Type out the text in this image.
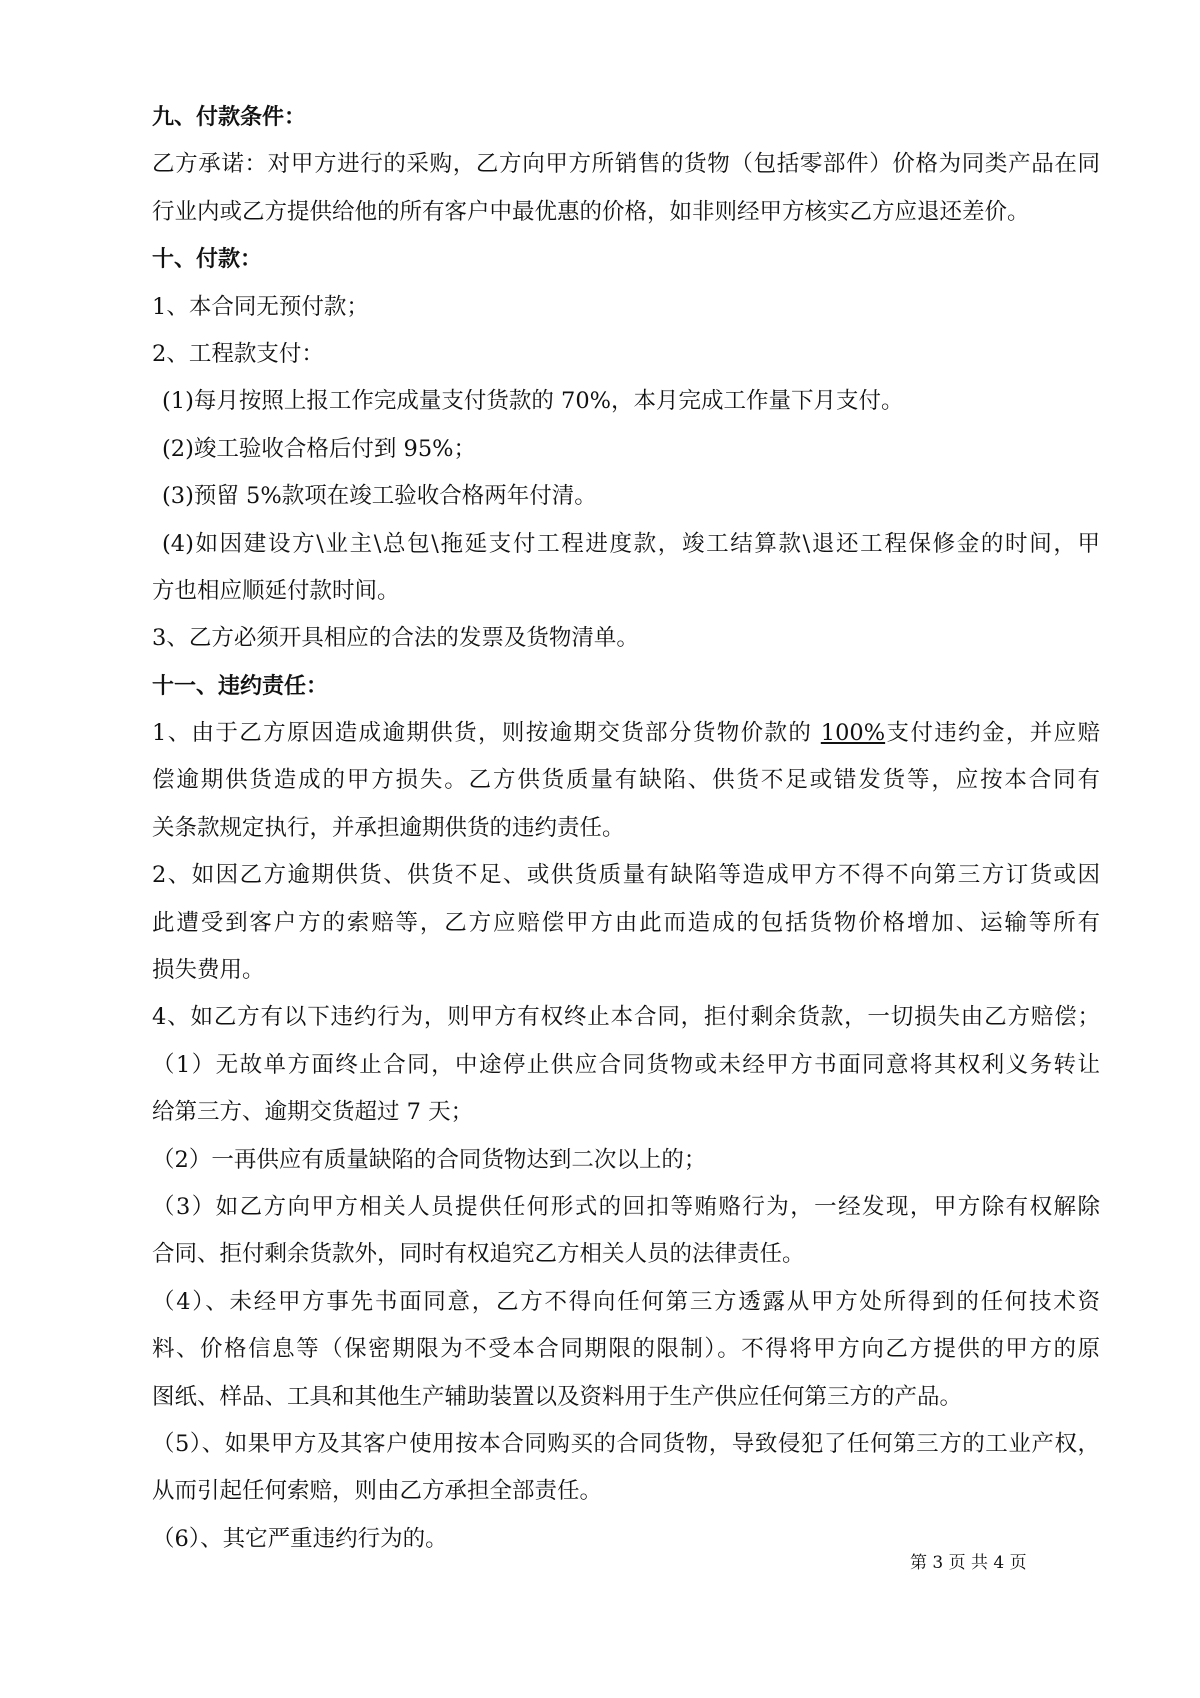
九、付款条件：
乙方承诺：对甲方进行的采购，乙方向甲方所销售的货物（包括零部件）价格为同类产品在同
行业内或乙方提供给他的所有客户中最优惠的价格，如非则经甲方核实乙方应退还差价。
十、付款：
1、本合同无预付款；
2、工程款支付：
(1)每月按照上报工作完成量支付货款的 70%，本月完成工作量下月支付。
(2)竣工验收合格后付到 95%；
(3)预留 5%款项在竣工验收合格两年付清。
(4)如因建设方\业主\总包\拖延支付工程进度款，竣工结算款\退还工程保修金的时间，甲
方也相应顺延付款时间。
3、乙方必须开具相应的合法的发票及货物清单。
十一、违约责任：
1、由于乙方原因造成逾期供货，则按逾期交货部分货物价款的 100%支付违约金，并应赔
偿逾期供货造成的甲方损失。乙方供货质量有缺陷、供货不足或错发货等，应按本合同有
关条款规定执行，并承担逾期供货的违约责任。
2、如因乙方逾期供货、供货不足、或供货质量有缺陷等造成甲方不得不向第三方订货或因
此遭受到客户方的索赔等，乙方应赔偿甲方由此而造成的包括货物价格增加、运输等所有
损失费用。
4、如乙方有以下违约行为，则甲方有权终止本合同，拒付剩余货款，一切损失由乙方赔偿；
（1）无故单方面终止合同，中途停止供应合同货物或未经甲方书面同意将其权利义务转让
给第三方、逾期交货超过 7 天；
（2）一再供应有质量缺陷的合同货物达到二次以上的；
（3）如乙方向甲方相关人员提供任何形式的回扣等贿赂行为，一经发现，甲方除有权解除
合同、拒付剩余货款外，同时有权追究乙方相关人员的法律责任。
（4）、未经甲方事先书面同意，乙方不得向任何第三方透露从甲方处所得到的任何技术资
料、价格信息等（保密期限为不受本合同期限的限制）。不得将甲方向乙方提供的甲方的原
图纸、样品、工具和其他生产辅助装置以及资料用于生产供应任何第三方的产品。
（5）、如果甲方及其客户使用按本合同购买的合同货物，导致侵犯了任何第三方的工业产权，
从而引起任何索赔，则由乙方承担全部责任。
（6）、其它严重违约行为的。
第 3 页 共 4 页
